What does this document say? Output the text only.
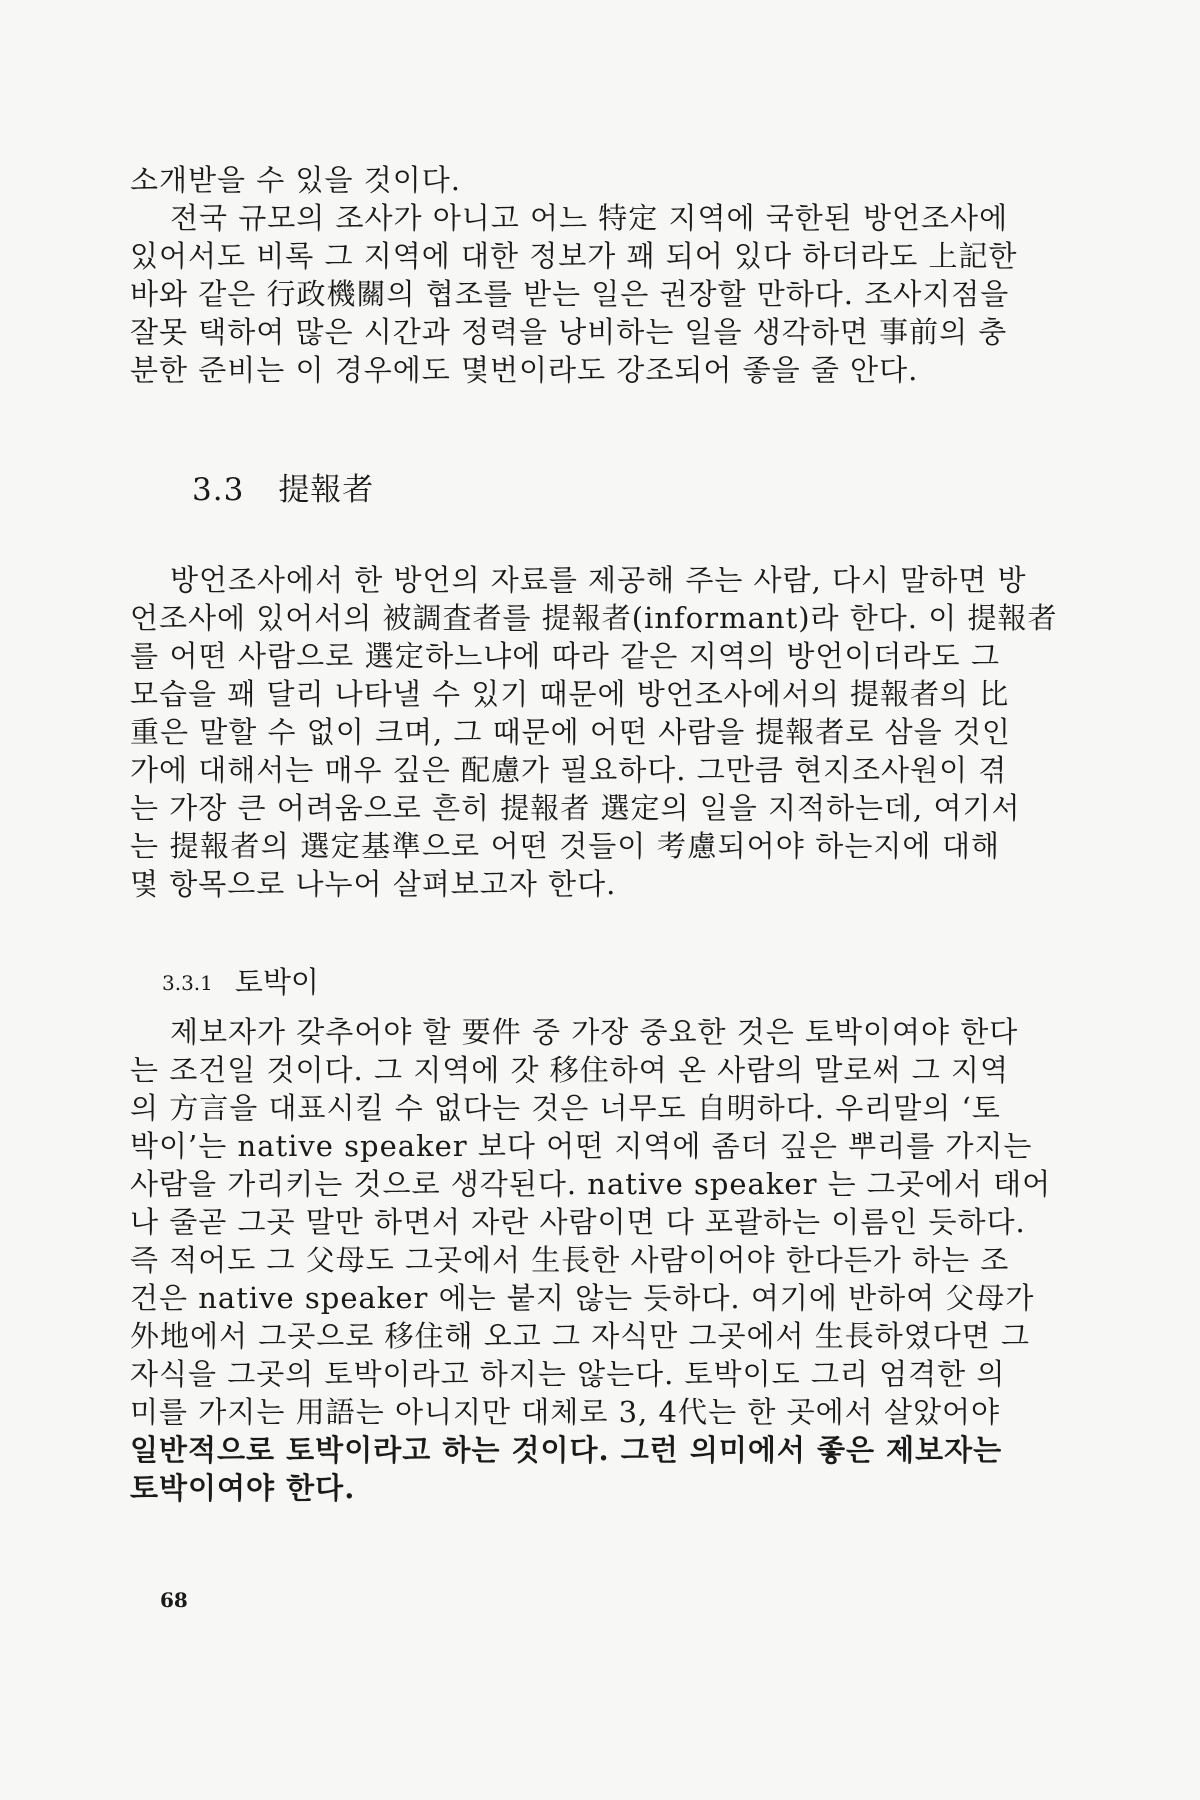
소개받을 수 있을 것이다.
전국 규모의 조사가 아니고 어느 特定 지역에 국한된 방언조사에
있어서도 비록 그 지역에 대한 정보가 꽤 되어 있다 하더라도 上記한
바와 같은 行政機關의 협조를 받는 일은 권장할 만하다. 조사지점을
잘못 택하여 많은 시간과 정력을 낭비하는 일을 생각하면 事前의 충
분한 준비는 이 경우에도 몇번이라도 강조되어 좋을 줄 안다.
3.3 提報者
방언조사에서 한 방언의 자료를 제공해 주는 사람, 다시 말하면 방
언조사에 있어서의 被調査者를 提報者(informant)라 한다. 이 提報者
를 어떤 사람으로 選定하느냐에 따라 같은 지역의 방언이더라도 그
모습을 꽤 달리 나타낼 수 있기 때문에 방언조사에서의 提報者의 比
重은 말할 수 없이 크며, 그 때문에 어떤 사람을 提報者로 삼을 것인
가에 대해서는 매우 깊은 配慮가 필요하다. 그만큼 현지조사원이 겪
는 가장 큰 어려움으로 흔히 提報者 選定의 일을 지적하는데, 여기서
는 提報者의 選定基準으로 어떤 것들이 考慮되어야 하는지에 대해
몇 항목으로 나누어 살펴보고자 한다.
3.3.1 토박이
제보자가 갖추어야 할 要件 중 가장 중요한 것은 토박이여야 한다
는 조건일 것이다. 그 지역에 갓 移住하여 온 사람의 말로써 그 지역
의 方言을 대표시킬 수 없다는 것은 너무도 自明하다. 우리말의 ‘토
박이’는 native speaker 보다 어떤 지역에 좀더 깊은 뿌리를 가지는
사람을 가리키는 것으로 생각된다. native speaker 는 그곳에서 태어
나 줄곧 그곳 말만 하면서 자란 사람이면 다 포괄하는 이름인 듯하다.
즉 적어도 그 父母도 그곳에서 生長한 사람이어야 한다든가 하는 조
건은 native speaker 에는 붙지 않는 듯하다. 여기에 반하여 父母가
外地에서 그곳으로 移住해 오고 그 자식만 그곳에서 生長하였다면 그
자식을 그곳의 토박이라고 하지는 않는다. 토박이도 그리 엄격한 의
미를 가지는 用語는 아니지만 대체로 3, 4代는 한 곳에서 살았어야
일반적으로 토박이라고 하는 것이다. 그런 의미에서 좋은 제보자는
토박이여야 한다.
68
